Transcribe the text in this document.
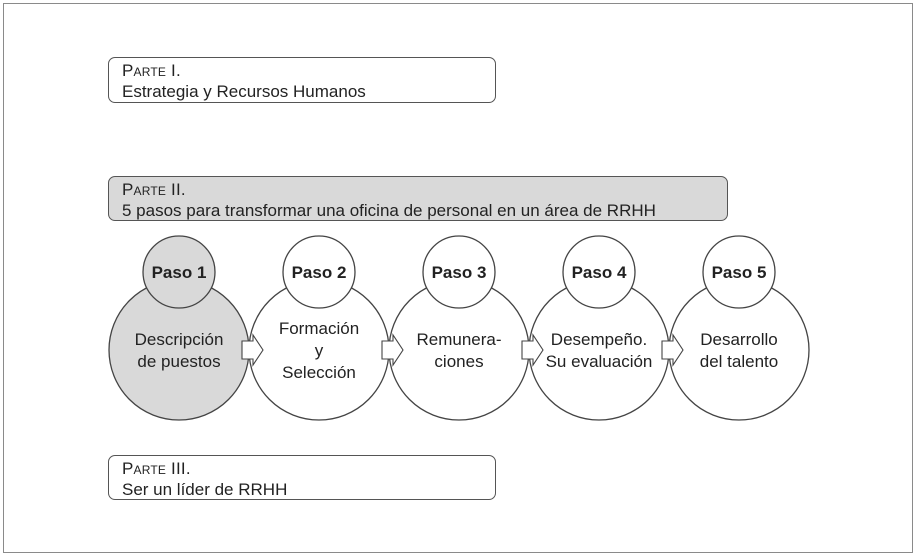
Parte I.
Estrategia y Recursos Humanos
Parte II.
5 pasos para transformar una oficina de personal en un área de RRHH
Parte III.
Ser un líder de RRHH
Paso 1
Descripción
de puestos
Paso 2
Formación
y
Selección
Paso 3
Remunera-
ciones
Paso 4
Desempeño.
Su evaluación
Paso 5
Desarrollo
del talento
